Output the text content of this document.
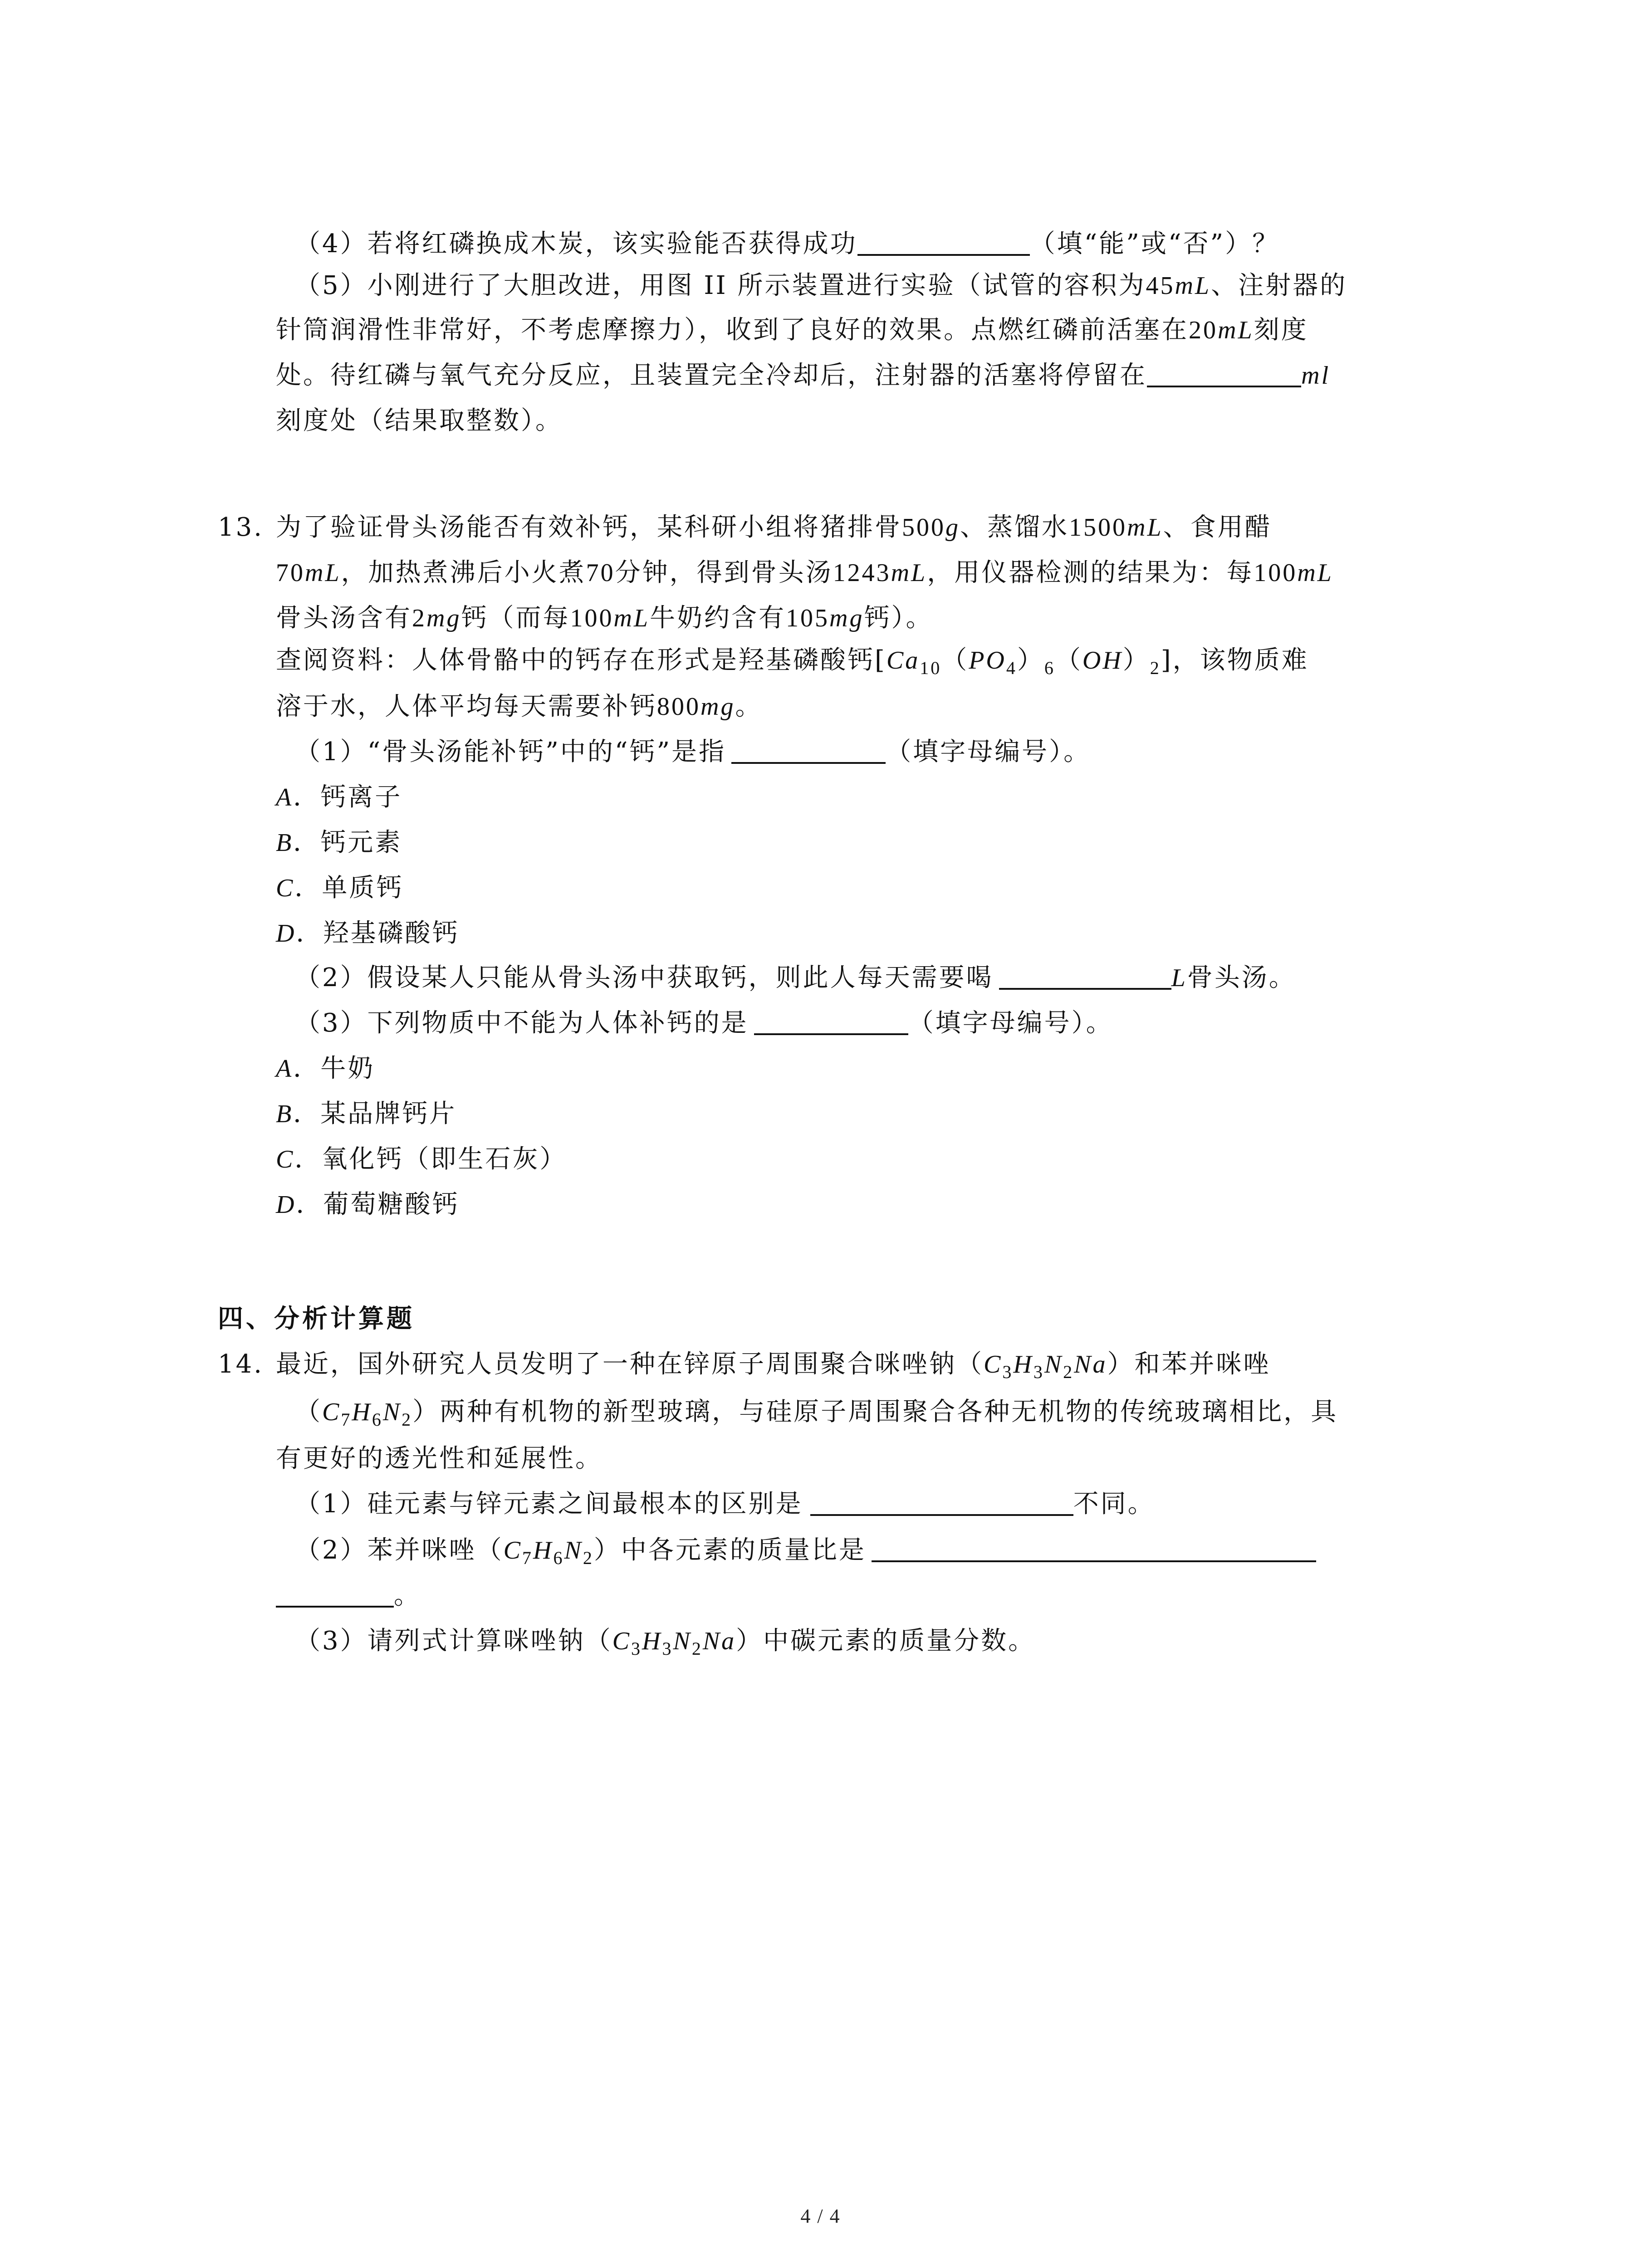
（4）若将红磷换成木炭，该实验能否获得成功	（填“能”或“否”）？
（5）小刚进行了大胆改进，用图 II 所示装置进行实验（试管的容积为45mL、注射器的
针筒润滑性非常好，不考虑摩擦力），收到了良好的效果。点燃红磷前活塞在20mL刻度
处。待红磷与氧气充分反应，且装置完全冷却后，注射器的活塞将停留在	ml
刻度处（结果取整数）。
13. 为了验证骨头汤能否有效补钙，某科研小组将猪排骨500g、蒸馏水1500mL、食用醋
70mL，加热煮沸后小火煮70分钟，得到骨头汤1243mL，用仪器检测的结果为：每100mL
骨头汤含有2mg钙（而每100mL牛奶约含有105mg钙）。
查阅资料：人体骨骼中的钙存在形式是羟基磷酸钙$[Ca_{10}(PO_4)_6(OH)_2]$，该物质难
溶于水，人体平均每天需要补钙800mg。
（1）“骨头汤能补钙”中的“钙”是指	（填字母编号）。
A．钙离子
B．钙元素
C．单质钙
D．羟基磷酸钙
（2）假设某人只能从骨头汤中获取钙，则此人每天需要喝	L骨头汤。
（3）下列物质中不能为人体补钙的是	（填字母编号）。
A．牛奶
B．某品牌钙片
C．氧化钙（即生石灰）
D．葡萄糖酸钙
四、分析计算题
14. 最近，国外研究人员发明了一种在锌原子周围聚合咪唑钠$(C_3H_3N_2Na)$和苯并咪唑
$(C_7H_6N_2)$两种有机物的新型玻璃，与硅原子周围聚合各种无机物的传统玻璃相比，具
有更好的透光性和延展性。
（1）硅元素与锌元素之间最根本的区别是	不同。
（2）苯并咪唑$(C_7H_6N_2)$中各元素的质量比是
。
（3）请列式计算咪唑钠$(C_3H_3N_2Na)$中碳元素的质量分数。
4 / 4
